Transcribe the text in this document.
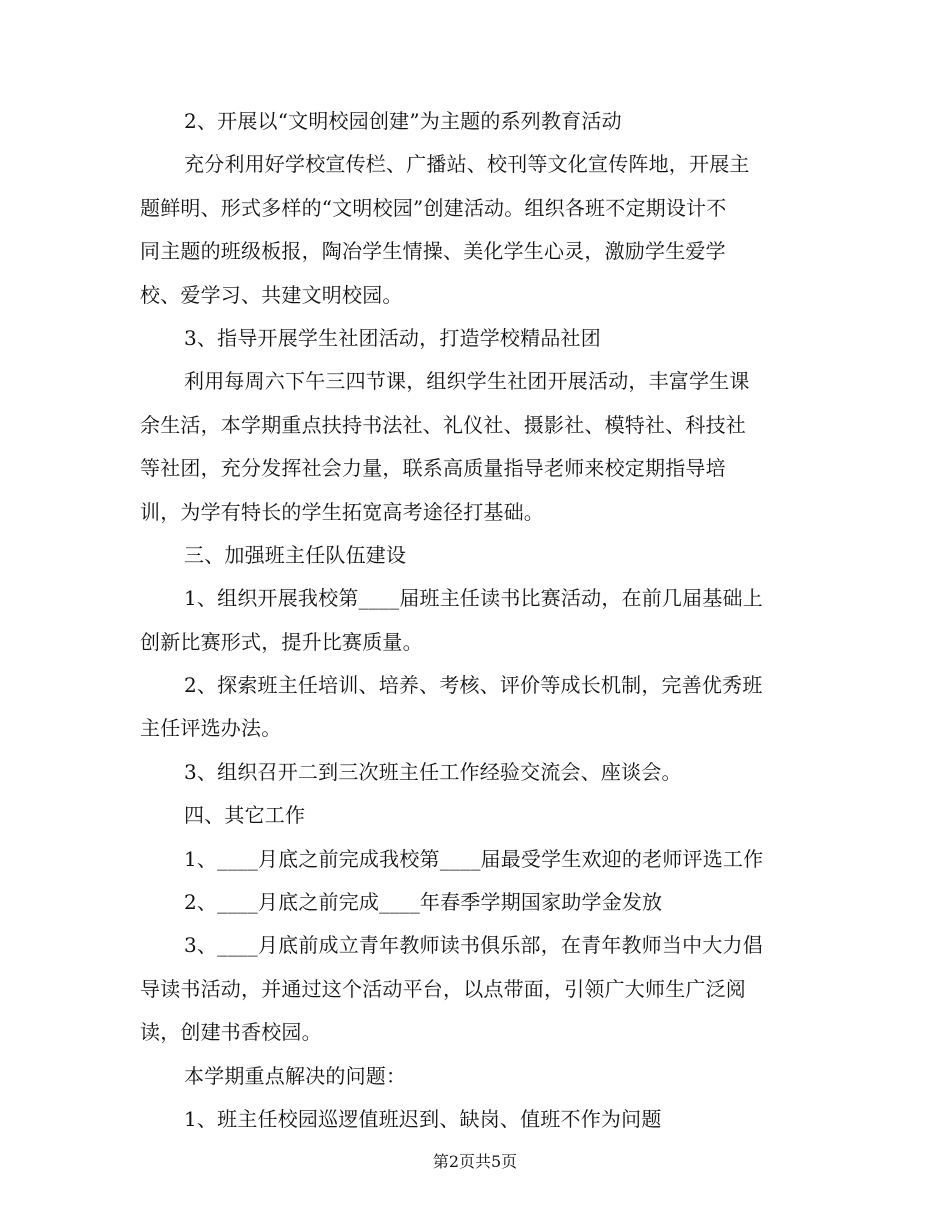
2、开展以“文明校园创建”为主题的系列教育活动
充分利用好学校宣传栏、广播站、校刊等文化宣传阵地，开展主
题鲜明、形式多样的“文明校园”创建活动。组织各班不定期设计不
同主题的班级板报，陶冶学生情操、美化学生心灵，激励学生爱学
校、爱学习、共建文明校园。
3、指导开展学生社团活动，打造学校精品社团
利用每周六下午三四节课，组织学生社团开展活动，丰富学生课
余生活，本学期重点扶持书法社、礼仪社、摄影社、模特社、科技社
等社团，充分发挥社会力量，联系高质量指导老师来校定期指导培
训，为学有特长的学生拓宽高考途径打基础。
三、加强班主任队伍建设
1、组织开展我校第____届班主任读书比赛活动，在前几届基础上
创新比赛形式，提升比赛质量。
2、探索班主任培训、培养、考核、评价等成长机制，完善优秀班
主任评选办法。
3、组织召开二到三次班主任工作经验交流会、座谈会。
四、其它工作
1、____月底之前完成我校第____届最受学生欢迎的老师评选工作
2、____月底之前完成____年春季学期国家助学金发放
3、____月底前成立青年教师读书俱乐部，在青年教师当中大力倡
导读书活动，并通过这个活动平台，以点带面，引领广大师生广泛阅
读，创建书香校园。
本学期重点解决的问题：
1、班主任校园巡逻值班迟到、缺岗、值班不作为问题
第2页共5页
